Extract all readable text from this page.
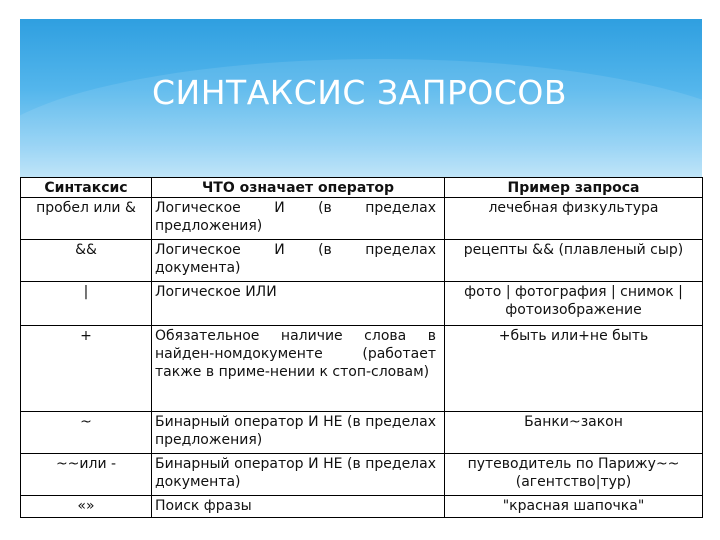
СИНТАКСИС ЗАПРОСОВ
Синтаксис	ЧТО означает оператор	Пример запроса
пробел или &	Логическое И (в пределах предложения)	лечебная физкультура
&&	Логическое И (в пределах документа)	рецепты && (плавленый сыр)
|	Логическое ИЛИ	фото | фотография | снимок | фотоизображение
+	Обязательное наличие слова в найден-номдокументе (работает также в приме-нении к стоп-словам)	+быть или+не быть
~	Бинарный оператор И НЕ (в пределах предложения)	Банки~закон
~~или -	Бинарный оператор И НЕ (в пределах документа)	путеводитель по Парижу~~(агентство|тур)
«»	Поиск фразы	"красная шапочка"
